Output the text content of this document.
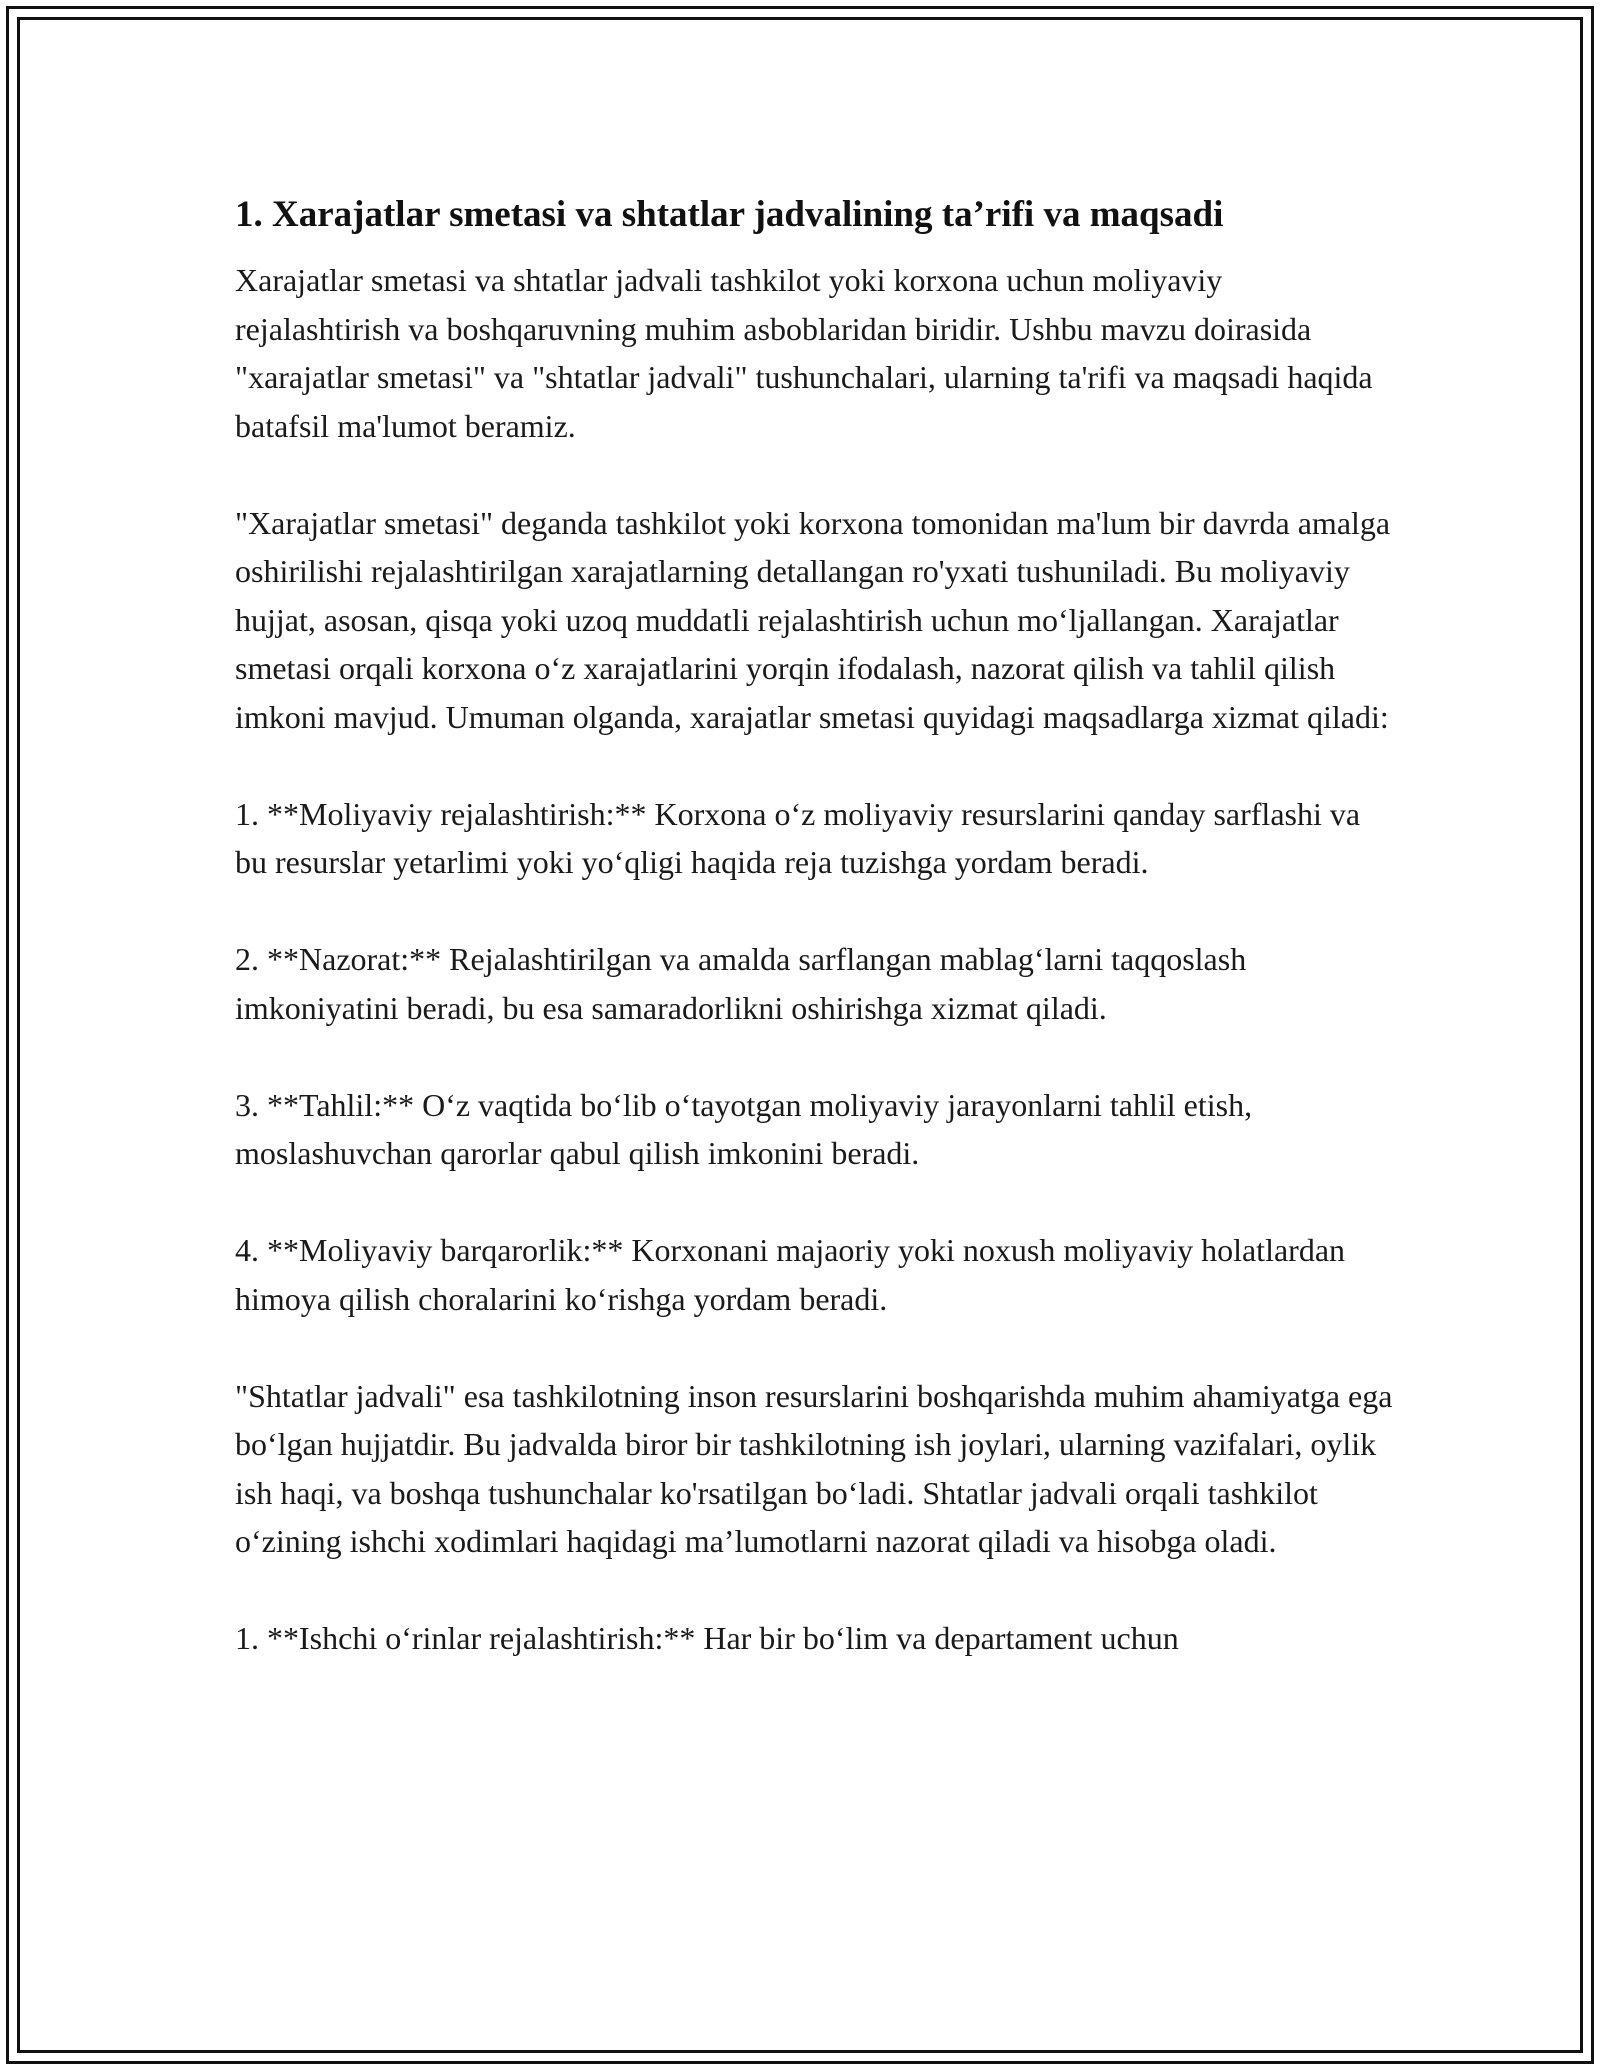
1. Xarajatlar smetasi va shtatlar jadvalining ta’rifi va maqsadi

Xarajatlar smetasi va shtatlar jadvali tashkilot yoki korxona uchun moliyaviy rejalashtirish va boshqaruvning muhim asboblaridan biridir. Ushbu mavzu doirasida "xarajatlar smetasi" va "shtatlar jadvali" tushunchalari, ularning ta'rifi va maqsadi haqida batafsil ma'lumot beramiz.

"Xarajatlar smetasi" deganda tashkilot yoki korxona tomonidan ma'lum bir davrda amalga oshirilishi rejalashtirilgan xarajatlarning detallangan ro'yxati tushuniladi. Bu moliyaviy hujjat, asosan, qisqa yoki uzoq muddatli rejalashtirish uchun moʻljallangan. Xarajatlar smetasi orqali korxona oʻz xarajatlarini yorqin ifodalash, nazorat qilish va tahlil qilish imkoni mavjud. Umuman olganda, xarajatlar smetasi quyidagi maqsadlarga xizmat qiladi:

1. **Moliyaviy rejalashtirish:** Korxona oʻz moliyaviy resurslarini qanday sarflashi va bu resurslar yetarlimi yoki yoʻqligi haqida reja tuzishga yordam beradi.

2. **Nazorat:** Rejalashtirilgan va amalda sarflangan mablagʻlarni taqqoslash imkoniyatini beradi, bu esa samaradorlikni oshirishga xizmat qiladi.

3. **Tahlil:** Oʻz vaqtida boʻlib oʻtayotgan moliyaviy jarayonlarni tahlil etish, moslashuvchan qarorlar qabul qilish imkonini beradi.

4. **Moliyaviy barqarorlik:** Korxonani majaoriy yoki noxush moliyaviy holatlardan himoya qilish choralarini koʻrishga yordam beradi.

"Shtatlar jadvali" esa tashkilotning inson resurslarini boshqarishda muhim ahamiyatga ega boʻlgan hujjatdir. Bu jadvalda biror bir tashkilotning ish joylari, ularning vazifalari, oylik ish haqi, va boshqa tushunchalar ko'rsatilgan boʻladi. Shtatlar jadvali orqali tashkilot oʻzining ishchi xodimlari haqidagi ma’lumotlarni nazorat qiladi va hisobga oladi.

1. **Ishchi oʻrinlar rejalashtirish:** Har bir boʻlim va departament uchun
